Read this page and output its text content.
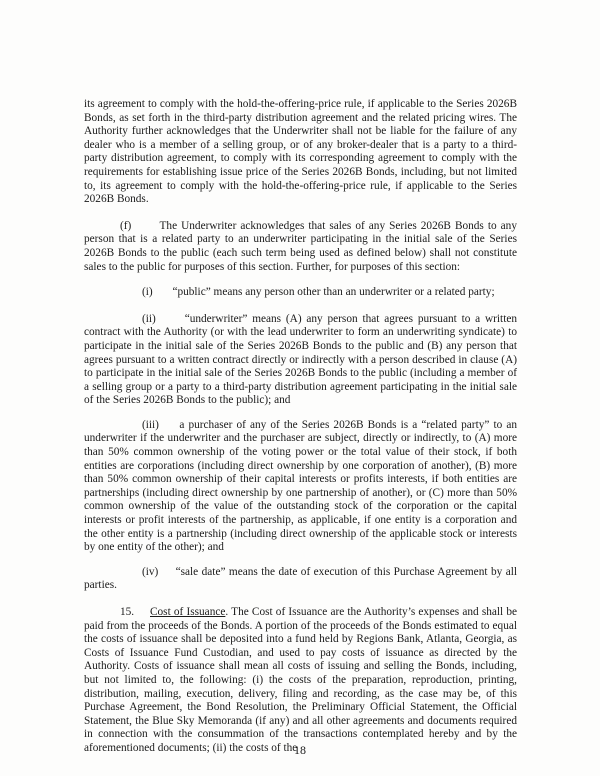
its agreement to comply with the hold-the-offering-price rule, if applicable to the Series 2026B Bonds, as set forth in the third-party distribution agreement and the related pricing wires. The Authority further acknowledges that the Underwriter shall not be liable for the failure of any dealer who is a member of a selling group, or of any broker-dealer that is a party to a third-party distribution agreement, to comply with its corresponding agreement to comply with the requirements for establishing issue price of the Series 2026B Bonds, including, but not limited to, its agreement to comply with the hold-the-offering-price rule, if applicable to the Series 2026B Bonds.

(f) The Underwriter acknowledges that sales of any Series 2026B Bonds to any person that is a related party to an underwriter participating in the initial sale of the Series 2026B Bonds to the public (each such term being used as defined below) shall not constitute sales to the public for purposes of this section. Further, for purposes of this section:

(i) “public” means any person other than an underwriter or a related party;

(ii)	“underwriter” means (A) any person that agrees pursuant to a written contract with the Authority (or with the lead underwriter to form an underwriting syndicate) to participate in the initial sale of the Series 2026B Bonds to the public and (B) any person that agrees pursuant to a written contract directly or indirectly with a person described in clause (A) to participate in the initial sale of the Series 2026B Bonds to the public (including a member of a selling group or a party to a third-party distribution agreement participating in the initial sale of the Series 2026B Bonds to the public); and

(iii) a purchaser of any of the Series 2026B Bonds is a “related party” to an underwriter if the underwriter and the purchaser are subject, directly or indirectly, to (A) more than 50% common ownership of the voting power or the total value of their stock, if both entities are corporations (including direct ownership by one corporation of another), (B) more than 50% common ownership of their capital interests or profits interests, if both entities are partnerships (including direct ownership by one partnership of another), or (C) more than 50% common ownership of the value of the outstanding stock of the corporation or the capital interests or profit interests of the partnership, as applicable, if one entity is a corporation and the other entity is a partnership (including direct ownership of the applicable stock or interests by one entity of the other); and

(iv) “sale date” means the date of execution of this Purchase Agreement by all parties.

15. Cost of Issuance. The Cost of Issuance are the Authority’s expenses and shall be paid from the proceeds of the Bonds. A portion of the proceeds of the Bonds estimated to equal the costs of issuance shall be deposited into a fund held by Regions Bank, Atlanta, Georgia, as Costs of Issuance Fund Custodian, and used to pay costs of issuance as directed by the Authority. Costs of issuance shall mean all costs of issuing and selling the Bonds, including, but not limited to, the following: (i) the costs of the preparation, reproduction, printing, distribution, mailing, execution, delivery, filing and recording, as the case may be, of this Purchase Agreement, the Bond Resolution, the Preliminary Official Statement, the Official Statement, the Blue Sky Memoranda (if any) and all other agreements and documents required in connection with the consummation of the transactions contemplated hereby and by the aforementioned documents; (ii) the costs of the

18
